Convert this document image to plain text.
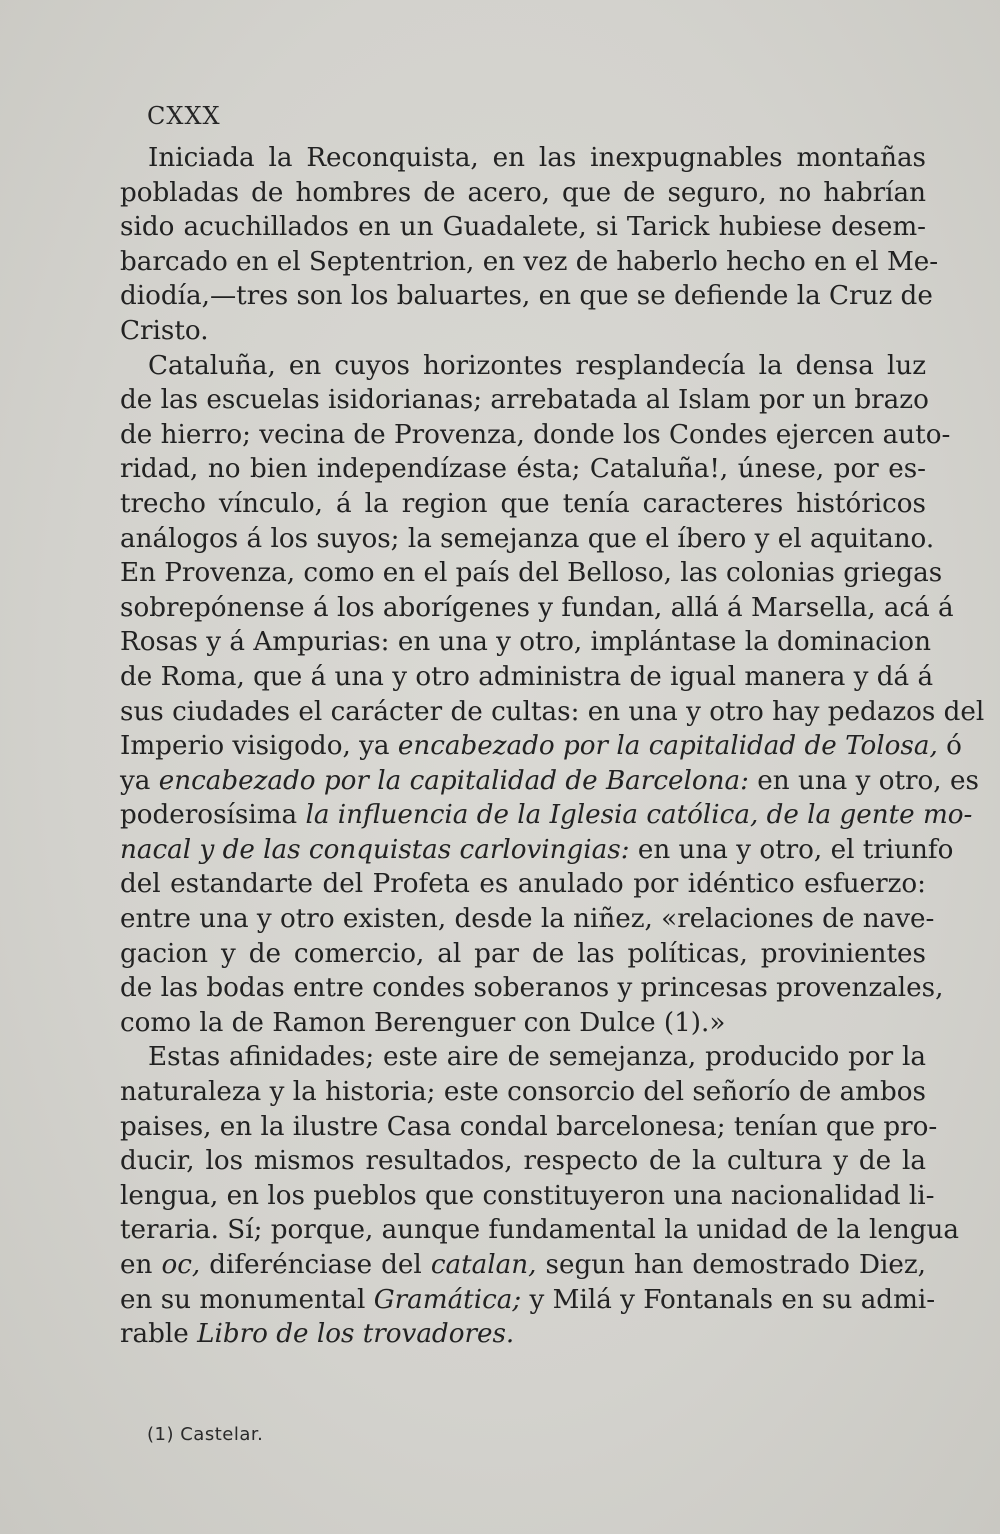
CXXX

Iniciada la Reconquista, en las inexpugnables montañas
pobladas de hombres de acero, que de seguro, no habrían
sido acuchillados en un Guadalete, si Tarick hubiese desem-
barcado en el Septentrion, en vez de haberlo hecho en el Me-
diodía,—tres son los baluartes, en que se defiende la Cruz de
Cristo.

Cataluña, en cuyos horizontes resplandecía la densa luz
de las escuelas isidorianas; arrebatada al Islam por un brazo
de hierro; vecina de Provenza, donde los Condes ejercen auto-
ridad, no bien independízase ésta; Cataluña!, únese, por es-
trecho vínculo, á la region que tenía caracteres históricos
análogos á los suyos; la semejanza que el íbero y el aquitano.
En Provenza, como en el país del Belloso, las colonias griegas
sobrepónense á los aborígenes y fundan, allá á Marsella, acá á
Rosas y á Ampurias: en una y otro, implántase la dominacion
de Roma, que á una y otro administra de igual manera y dá á
sus ciudades el carácter de cultas: en una y otro hay pedazos del
Imperio visigodo, ya encabezado por la capitalidad de Tolosa, ó
ya encabezado por la capitalidad de Barcelona: en una y otro, es
poderosísima la influencia de la Iglesia católica, de la gente mo-
nacal y de las conquistas carlovingias: en una y otro, el triunfo
del estandarte del Profeta es anulado por idéntico esfuerzo:
entre una y otro existen, desde la niñez, «relaciones de nave-
gacion y de comercio, al par de las políticas, provinientes
de las bodas entre condes soberanos y princesas provenzales,
como la de Ramon Berenguer con Dulce (1).»

Estas afinidades; este aire de semejanza, producido por la
naturaleza y la historia; este consorcio del señorío de ambos
paises, en la ilustre Casa condal barcelonesa; tenían que pro-
ducir, los mismos resultados, respecto de la cultura y de la
lengua, en los pueblos que constituyeron una nacionalidad li-
teraria. Sí; porque, aunque fundamental la unidad de la lengua
en oc, diferénciase del catalan, segun han demostrado Diez,
en su monumental Gramática; y Milá y Fontanals en su admi-
rable Libro de los trovadores.

(1) Castelar.
